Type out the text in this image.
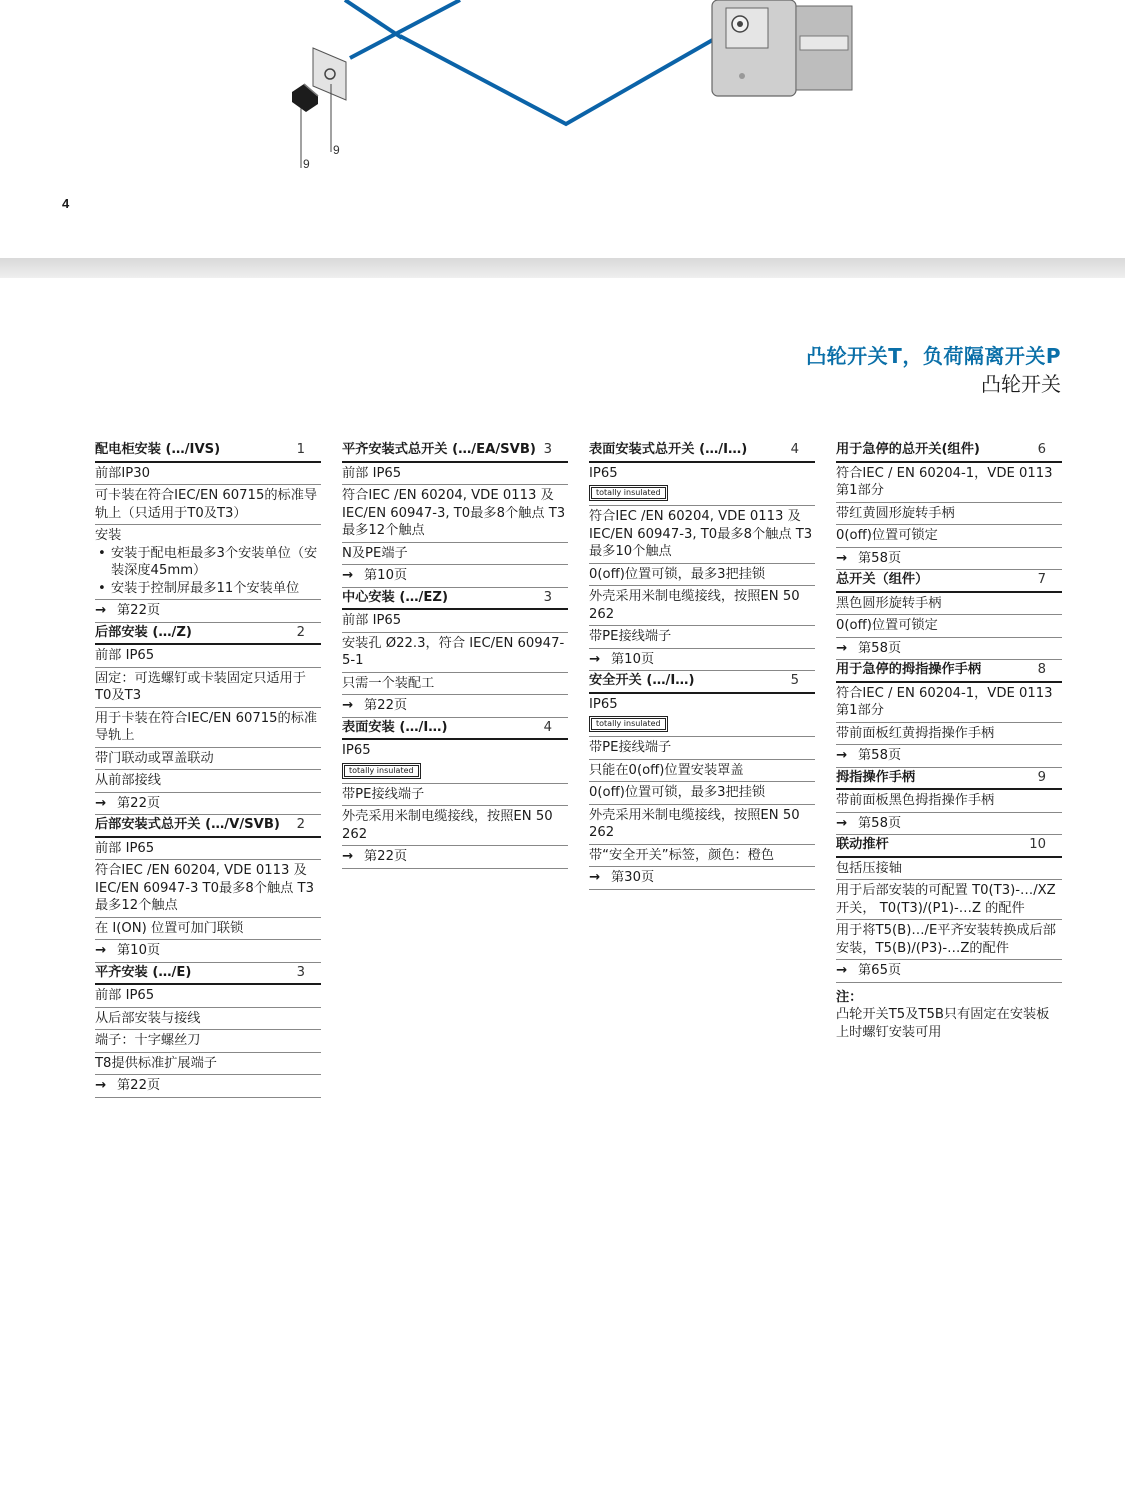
9
9
4
凸轮开关T，负荷隔离开关P
凸轮开关
配电柜安装 (…/IVS)	1
前部IP30
可卡装在符合IEC/EN 60715的标准导轨上（只适用于T0及T3）
安装
• 安装于配电柜最多3个安装单位（安装深度45mm）
• 安装于控制屏最多11个安装单位
→ 第22页
后部安装 (…/Z)	2
前部 IP65
固定：可选螺钉或卡装固定只适用于T0及T3
用于卡装在符合IEC/EN 60715的标准导轨上
带门联动或罩盖联动
从前部接线
→ 第22页
后部安装式总开关 (…/V/SVB) 2
前部 IP65
符合IEC /EN 60204, VDE 0113 及IEC/EN 60947-3 T0最多8个触点 T3最多12个触点
在 I(ON) 位置可加门联锁
→ 第10页
平齐安装 (…/E)	3
前部 IP65
从后部安装与接线
端子：十字螺丝刀
T8提供标准扩展端子
→ 第22页
平齐安装式总开关 (…/EA/SVB) 3
前部 IP65
符合IEC /EN 60204, VDE 0113 及IEC/EN 60947-3, T0最多8个触点 T3最多12个触点
N及PE端子
→ 第10页
中心安装 (…/EZ)	3
前部 IP65
安装孔 Ø22.3，符合 IEC/EN 60947-5-1
只需一个装配工
→ 第22页
表面安装 (…/I…)	4
IP65
totally insulated
带PE接线端子
外壳采用米制电缆接线，按照EN 50 262
→ 第22页
表面安装式总开关 (…/I…)	4
IP65
totally insulated
符合IEC /EN 60204, VDE 0113 及IEC/EN 60947-3, T0最多8个触点 T3最多10个触点
0(off)位置可锁，最多3把挂锁
外壳采用米制电缆接线，按照EN 50 262
带PE接线端子
→ 第10页
安全开关 (…/I…)	5
IP65
totally insulated
带PE接线端子
只能在0(off)位置安装罩盖
0(off)位置可锁，最多3把挂锁
外壳采用米制电缆接线，按照EN 50 262
带“安全开关”标签，颜色：橙色
→ 第30页
用于急停的总开关(组件)	6
符合IEC / EN 60204-1，VDE 0113 第1部分
带红黄圆形旋转手柄
0(off)位置可锁定
→ 第58页
总开关（组件）	7
黑色圆形旋转手柄
0(off)位置可锁定
→ 第58页
用于急停的拇指操作手柄	8
符合IEC / EN 60204-1，VDE 0113 第1部分
带前面板红黄拇指操作手柄
→ 第58页
拇指操作手柄	9
带前面板黑色拇指操作手柄
→ 第58页
联动推杆	10
包括压接轴
用于后部安装的可配置 T0(T3)-…/XZ开关， T0(T3)/(P1)-…Z 的配件
用于将T5(B)…/E平齐安装转换成后部安装，T5(B)/(P3)-…Z的配件
→ 第65页
注：
凸轮开关T5及T5B只有固定在安装板上时螺钉安装可用
